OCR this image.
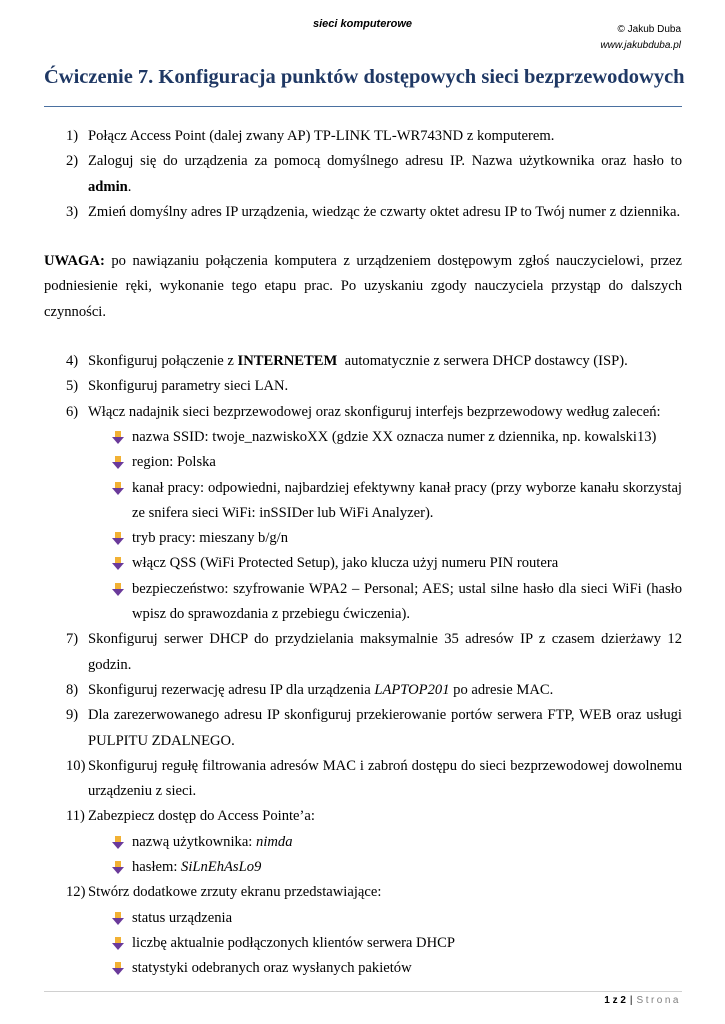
sieci komputerowe	© Jakub Duba
www.jakubduba.pl
Ćwiczenie 7. Konfiguracja punktów dostępowych sieci bezprzewodowych
1) Połącz Access Point (dalej zwany AP) TP-LINK TL-WR743ND z komputerem.
2) Zaloguj się do urządzenia za pomocą domyślnego adresu IP. Nazwa użytkownika oraz hasło to admin.
3) Zmień domyślny adres IP urządzenia, wiedząc że czwarty oktet adresu IP to Twój numer z dziennika.

UWAGA: po nawiązaniu połączenia komputera z urządzeniem dostępowym zgłoś nauczycielowi, przez podniesienie ręki, wykonanie tego etapu prac. Po uzyskaniu zgody nauczyciela przystąp do dalszych czynności.

4) Skonfiguruj połączenie z INTERNETEM  automatycznie z serwera DHCP dostawcy (ISP).
5) Skonfiguruj parametry sieci LAN.
6) Włącz nadajnik sieci bezprzewodowej oraz skonfiguruj interfejs bezprzewodowy według zaleceń:
nazwa SSID: twoje_nazwiskoXX (gdzie XX oznacza numer z dziennika, np. kowalski13)
region: Polska
kanał pracy: odpowiedni, najbardziej efektywny kanał pracy (przy wyborze kanału skorzystaj ze snifera sieci WiFi: inSSIDer lub WiFi Analyzer).
tryb pracy: mieszany b/g/n
włącz QSS (WiFi Protected Setup), jako klucza użyj numeru PIN routera
bezpieczeństwo: szyfrowanie WPA2 – Personal; AES; ustal silne hasło dla sieci WiFi (hasło wpisz do sprawozdania z przebiegu ćwiczenia).
7) Skonfiguruj serwer DHCP do przydzielania maksymalnie 35 adresów IP z czasem dzierżawy 12 godzin.
8) Skonfiguruj rezerwację adresu IP dla urządzenia LAPTOP201 po adresie MAC.
9) Dla zarezerwowanego adresu IP skonfiguruj przekierowanie portów serwera FTP, WEB oraz usługi PULPITU ZDALNEGO.
10) Skonfiguruj regułę filtrowania adresów MAC i zabroń dostępu do sieci bezprzewodowej dowolnemu urządzeniu z sieci.
11) Zabezpiecz dostęp do Access Pointe’a:
nazwą użytkownika: nimda
hasłem: SiLnEhAsLo9
12) Stwórz dodatkowe zrzuty ekranu przedstawiające:
status urządzenia
liczbę aktualnie podłączonych klientów serwera DHCP
statystyki odebranych oraz wysłanych pakietów
1 z 2 | Strona
